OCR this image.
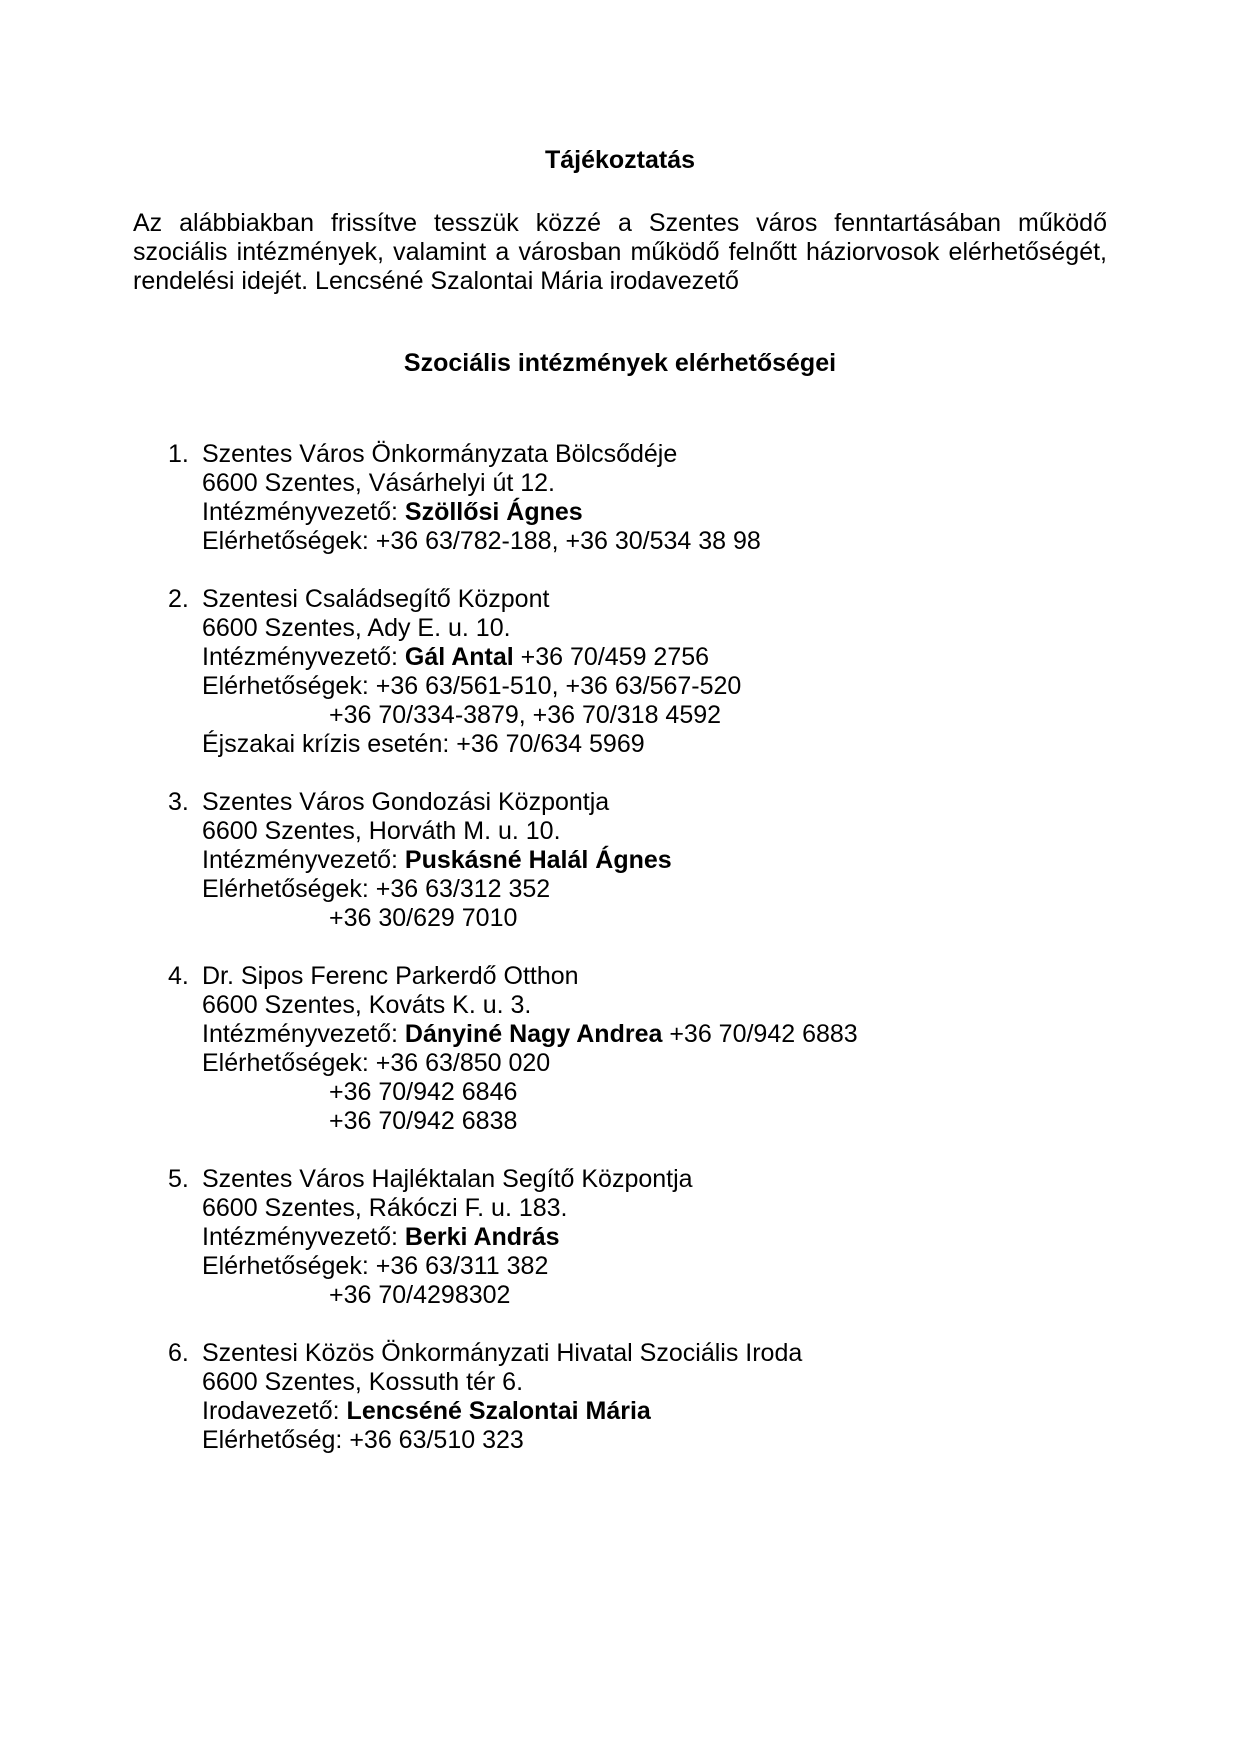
Tájékoztatás

Az alábbiakban frissítve tesszük közzé a Szentes város fenntartásában működő szociális intézmények, valamint a városban működő felnőtt háziorvosok elérhetőségét, rendelési idejét. Lencséné Szalontai Mária irodavezető

Szociális intézmények elérhetőségei
1. Szentes Város Önkormányzata Bölcsődéje
6600 Szentes, Vásárhelyi út 12.
Intézményvezető: Szöllősi Ágnes
Elérhetőségek: +36 63/782-188, +36 30/534 38 98
2. Szentesi Családsegítő Központ
6600 Szentes, Ady E. u. 10.
Intézményvezető: Gál Antal +36 70/459 2756
Elérhetőségek: +36 63/561-510, +36 63/567-520
+36 70/334-3879, +36 70/318 4592
Éjszakai krízis esetén: +36 70/634 5969
3. Szentes Város Gondozási Központja
6600 Szentes, Horváth M. u. 10.
Intézményvezető: Puskásné Halál Ágnes
Elérhetőségek: +36 63/312 352
+36 30/629 7010
4. Dr. Sipos Ferenc Parkerdő Otthon
6600 Szentes, Kováts K. u. 3.
Intézményvezető: Dányiné Nagy Andrea +36 70/942 6883
Elérhetőségek: +36 63/850 020
+36 70/942 6846
+36 70/942 6838
5. Szentes Város Hajléktalan Segítő Központja
6600 Szentes, Rákóczi F. u. 183.
Intézményvezető: Berki András
Elérhetőségek: +36 63/311 382
+36 70/4298302
6. Szentesi Közös Önkormányzati Hivatal Szociális Iroda
6600 Szentes, Kossuth tér 6.
Irodavezető: Lencséné Szalontai Mária
Elérhetőség: +36 63/510 323
